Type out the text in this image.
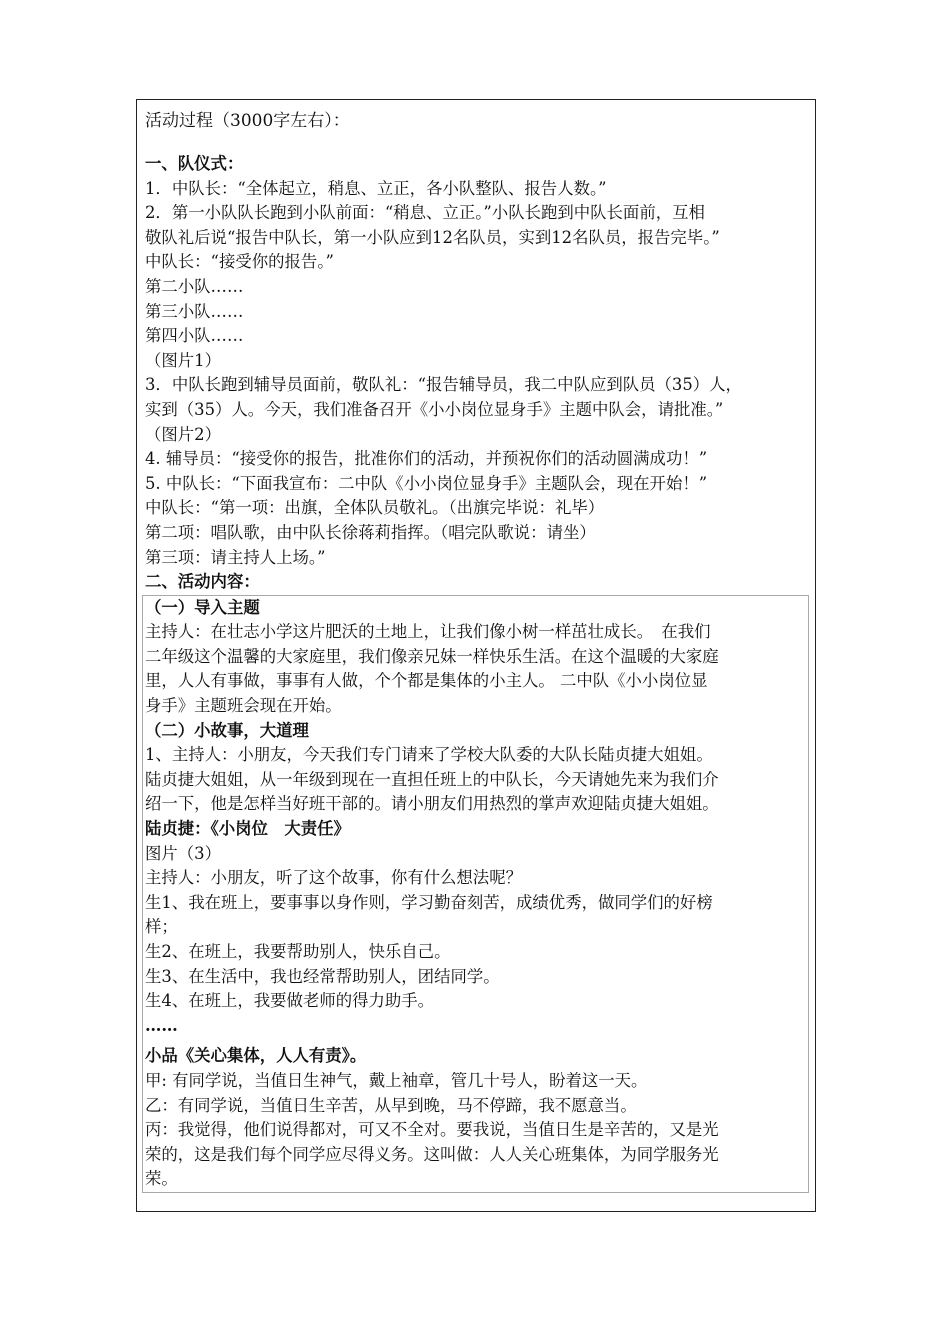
活动过程（3000字左右）：
一、队仪式：
1．中队长：“全体起立，稍息、立正，各小队整队、报告人数。”
2．第一小队队长跑到小队前面：“稍息、立正。”小队长跑到中队长面前，互相
敬队礼后说“报告中队长，第一小队应到12名队员，实到12名队员，报告完毕。”
中队长：“接受你的报告。”
第二小队……
第三小队……
第四小队……
（图片1）
3．中队长跑到辅导员面前，敬队礼：“报告辅导员，我二中队应到队员（35）人，
实到（35）人。今天，我们准备召开《小小岗位显身手》主题中队会，请批准。”
（图片2）
4. 辅导员：“接受你的报告，批准你们的活动，并预祝你们的活动圆满成功！”
5. 中队长：“下面我宣布：二中队《小小岗位显身手》主题队会，现在开始！”
中队长：“第一项：出旗，全体队员敬礼。（出旗完毕说：礼毕）
第二项：唱队歌，由中队长徐蒋莉指挥。（唱完队歌说：请坐）
第三项：请主持人上场。”
二、活动内容：
（一）导入主题
主持人：在壮志小学这片肥沃的土地上，让我们像小树一样茁壮成长。　在我们
二年级这个温馨的大家庭里，我们像亲兄妹一样快乐生活。在这个温暖的大家庭
里，人人有事做，事事有人做，个个都是集体的小主人。 二中队《小小岗位显
身手》主题班会现在开始。
（二）小故事，大道理
1、主持人：小朋友，今天我们专门请来了学校大队委的大队长陆贞捷大姐姐。
陆贞捷大姐姐，从一年级到现在一直担任班上的中队长，今天请她先来为我们介
绍一下，他是怎样当好班干部的。请小朋友们用热烈的掌声欢迎陆贞捷大姐姐。
陆贞捷：《小岗位　大责任》
图片（3）
主持人：小朋友，听了这个故事，你有什么想法呢？
生1、我在班上，要事事以身作则，学习勤奋刻苦，成绩优秀，做同学们的好榜
样；
生2、在班上，我要帮助别人，快乐自己。
生3、在生活中，我也经常帮助别人，团结同学。
生4、在班上，我要做老师的得力助手。
……
小品《关心集体，人人有责》。
甲: 有同学说，当值日生神气，戴上袖章，管几十号人，盼着这一天。
乙：有同学说，当值日生辛苦，从早到晚，马不停蹄，我不愿意当。
丙：我觉得，他们说得都对，可又不全对。要我说，当值日生是辛苦的，又是光
荣的，这是我们每个同学应尽得义务。这叫做：人人关心班集体，为同学服务光
荣。
